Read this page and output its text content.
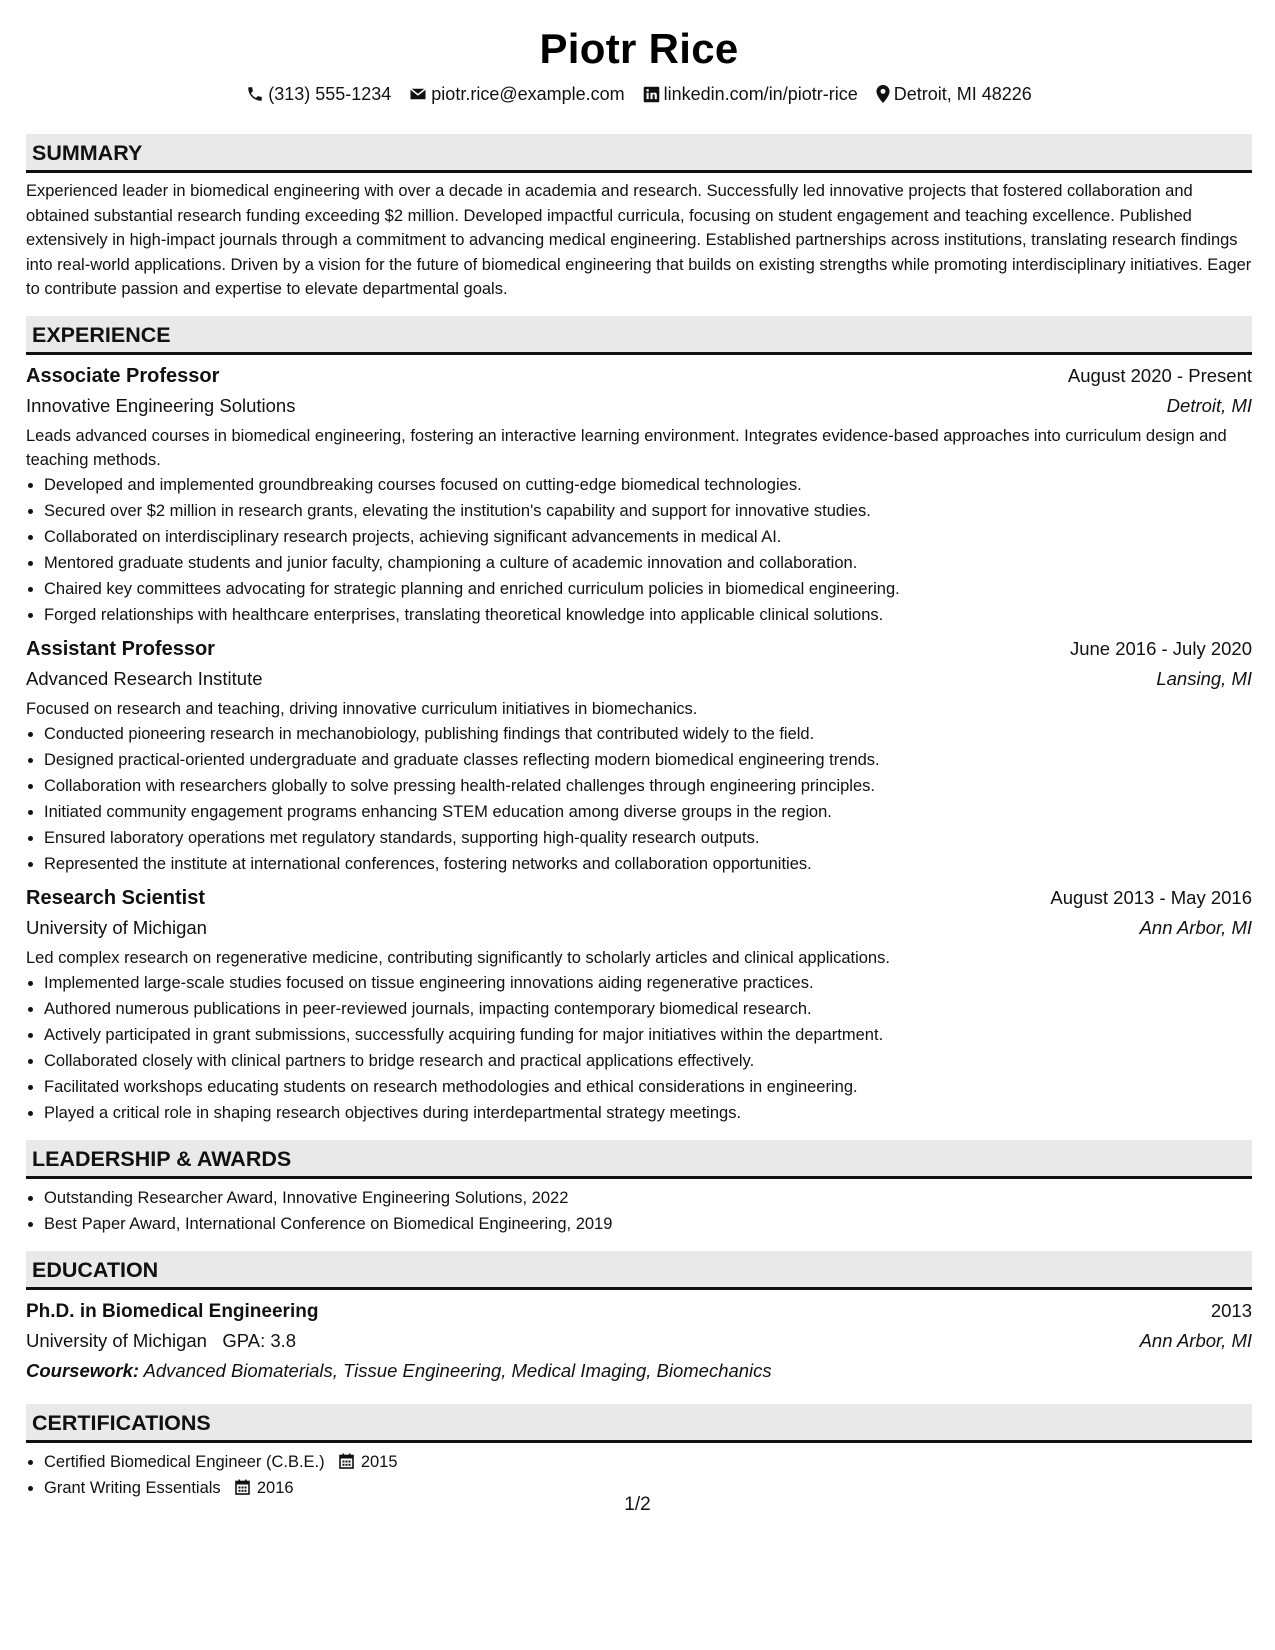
Piotr Rice
(313) 555-1234 piotr.rice@example.com linkedin.com/in/piotr-rice Detroit, MI 48226
SUMMARY
Experienced leader in biomedical engineering with over a decade in academia and research. Successfully led innovative projects that fostered collaboration and obtained substantial research funding exceeding $2 million. Developed impactful curricula, focusing on student engagement and teaching excellence. Published extensively in high-impact journals through a commitment to advancing medical engineering. Established partnerships across institutions, translating research findings into real-world applications. Driven by a vision for the future of biomedical engineering that builds on existing strengths while promoting interdisciplinary initiatives. Eager to contribute passion and expertise to elevate departmental goals.
EXPERIENCE
Associate Professor	August 2020 - Present
Innovative Engineering Solutions	Detroit, MI
Leads advanced courses in biomedical engineering, fostering an interactive learning environment. Integrates evidence-based approaches into curriculum design and teaching methods.
• Developed and implemented groundbreaking courses focused on cutting-edge biomedical technologies.
• Secured over $2 million in research grants, elevating the institution's capability and support for innovative studies.
• Collaborated on interdisciplinary research projects, achieving significant advancements in medical AI.
• Mentored graduate students and junior faculty, championing a culture of academic innovation and collaboration.
• Chaired key committees advocating for strategic planning and enriched curriculum policies in biomedical engineering.
• Forged relationships with healthcare enterprises, translating theoretical knowledge into applicable clinical solutions.
Assistant Professor	June 2016 - July 2020
Advanced Research Institute	Lansing, MI
Focused on research and teaching, driving innovative curriculum initiatives in biomechanics.
• Conducted pioneering research in mechanobiology, publishing findings that contributed widely to the field.
• Designed practical-oriented undergraduate and graduate classes reflecting modern biomedical engineering trends.
• Collaboration with researchers globally to solve pressing health-related challenges through engineering principles.
• Initiated community engagement programs enhancing STEM education among diverse groups in the region.
• Ensured laboratory operations met regulatory standards, supporting high-quality research outputs.
• Represented the institute at international conferences, fostering networks and collaboration opportunities.
Research Scientist	August 2013 - May 2016
University of Michigan	Ann Arbor, MI
Led complex research on regenerative medicine, contributing significantly to scholarly articles and clinical applications.
• Implemented large-scale studies focused on tissue engineering innovations aiding regenerative practices.
• Authored numerous publications in peer-reviewed journals, impacting contemporary biomedical research.
• Actively participated in grant submissions, successfully acquiring funding for major initiatives within the department.
• Collaborated closely with clinical partners to bridge research and practical applications effectively.
• Facilitated workshops educating students on research methodologies and ethical considerations in engineering.
• Played a critical role in shaping research objectives during interdepartmental strategy meetings.
LEADERSHIP & AWARDS
• Outstanding Researcher Award, Innovative Engineering Solutions, 2022
• Best Paper Award, International Conference on Biomedical Engineering, 2019
EDUCATION
Ph.D. in Biomedical Engineering	2013
University of Michigan GPA: 3.8	Ann Arbor, MI
Coursework: Advanced Biomaterials, Tissue Engineering, Medical Imaging, Biomechanics
CERTIFICATIONS
• Certified Biomedical Engineer (C.B.E.) 2015
• Grant Writing Essentials 2016
1/2
